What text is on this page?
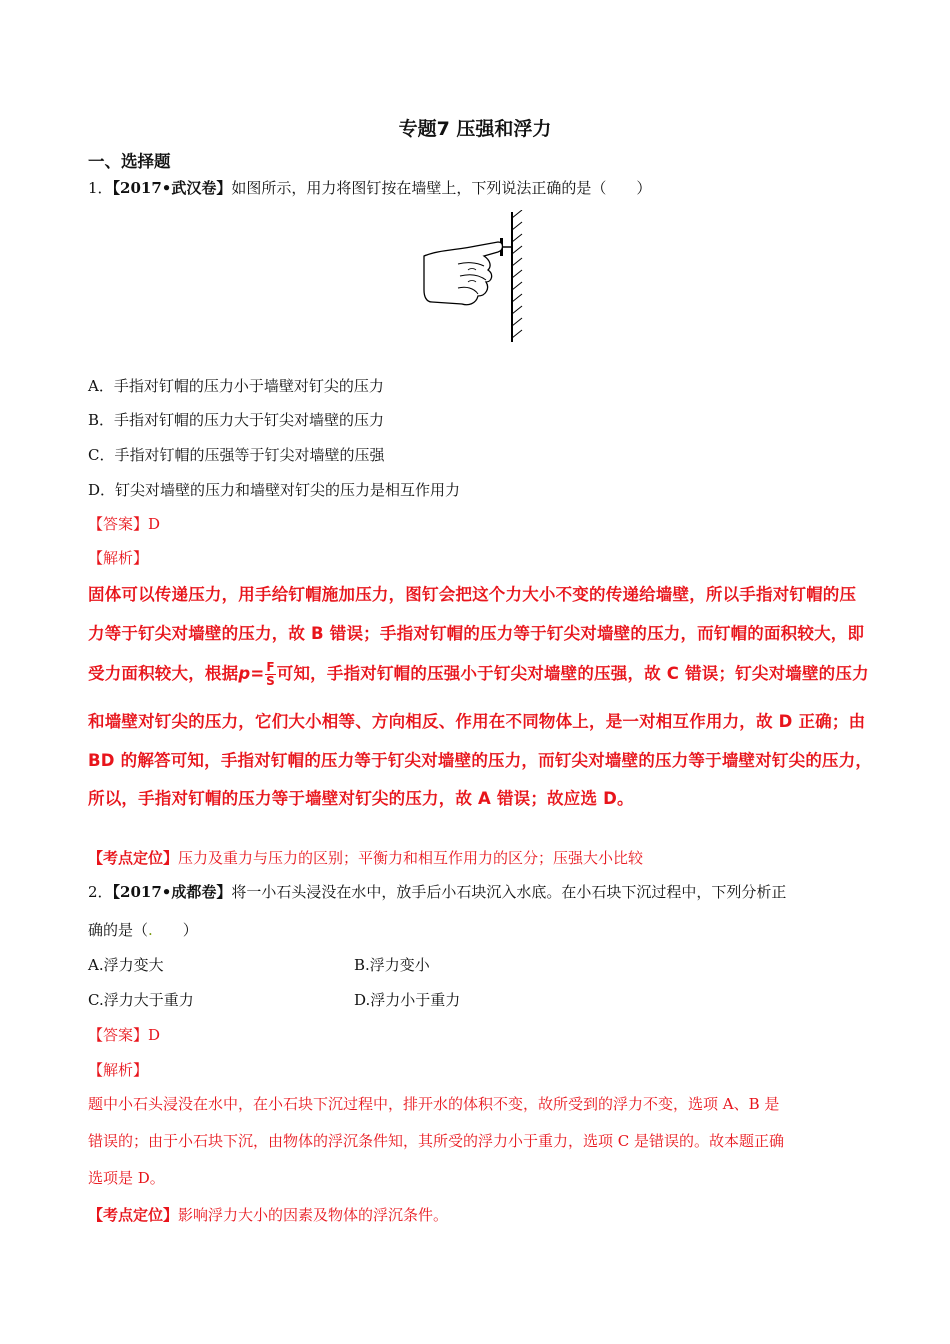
专题7 压强和浮力
一、选择题
1．【2017•武汉卷】如图所示，用力将图钉按在墙壁上，下列说法正确的是（　　）
A．手指对钉帽的压力小于墙壁对钉尖的压力
B．手指对钉帽的压力大于钉尖对墙壁的压力
C．手指对钉帽的压强等于钉尖对墙壁的压强
D．钉尖对墙壁的压力和墙壁对钉尖的压力是相互作用力
【答案】D
【解析】
固体可以传递压力，用手给钉帽施加压力，图钉会把这个力大小不变的传递给墙壁，所以手指对钉帽的压
力等于钉尖对墙壁的压力，故 B 错误；手指对钉帽的压力等于钉尖对墙壁的压力，而钉帽的面积较大，即
受力面积较大，根据$p= \frac{F}{S}$ 可知，手指对钉帽的压强小于钉尖对墙壁的压强，故 C 错误；钉尖对墙壁的压力
和墙壁对钉尖的压力，它们大小相等、方向相反、作用在不同物体上，是一对相互作用力，故 D 正确；由
BD 的解答可知，手指对钉帽的压力等于钉尖对墙壁的压力，而钉尖对墙壁的压力等于墙壁对钉尖的压力，
所以，手指对钉帽的压力等于墙壁对钉尖的压力，故 A 错误；故应选 D。
【考点定位】压力及重力与压力的区别；平衡力和相互作用力的区分；压强大小比较
2．【2017•成都卷】将一小石头浸没在水中，放手后小石块沉入水底。在小石块下沉过程中，下列分析正
确的是（.　　）
A.浮力变大	B.浮力变小
C.浮力大于重力	D.浮力小于重力
【答案】D
【解析】
题中小石头浸没在水中，在小石块下沉过程中，排开水的体积不变，故所受到的浮力不变，选项 A、B 是
错误的；由于小石块下沉，由物体的浮沉条件知，其所受的浮力小于重力，选项 C 是错误的。故本题正确
选项是 D。
【考点定位】影响浮力大小的因素及物体的浮沉条件。
